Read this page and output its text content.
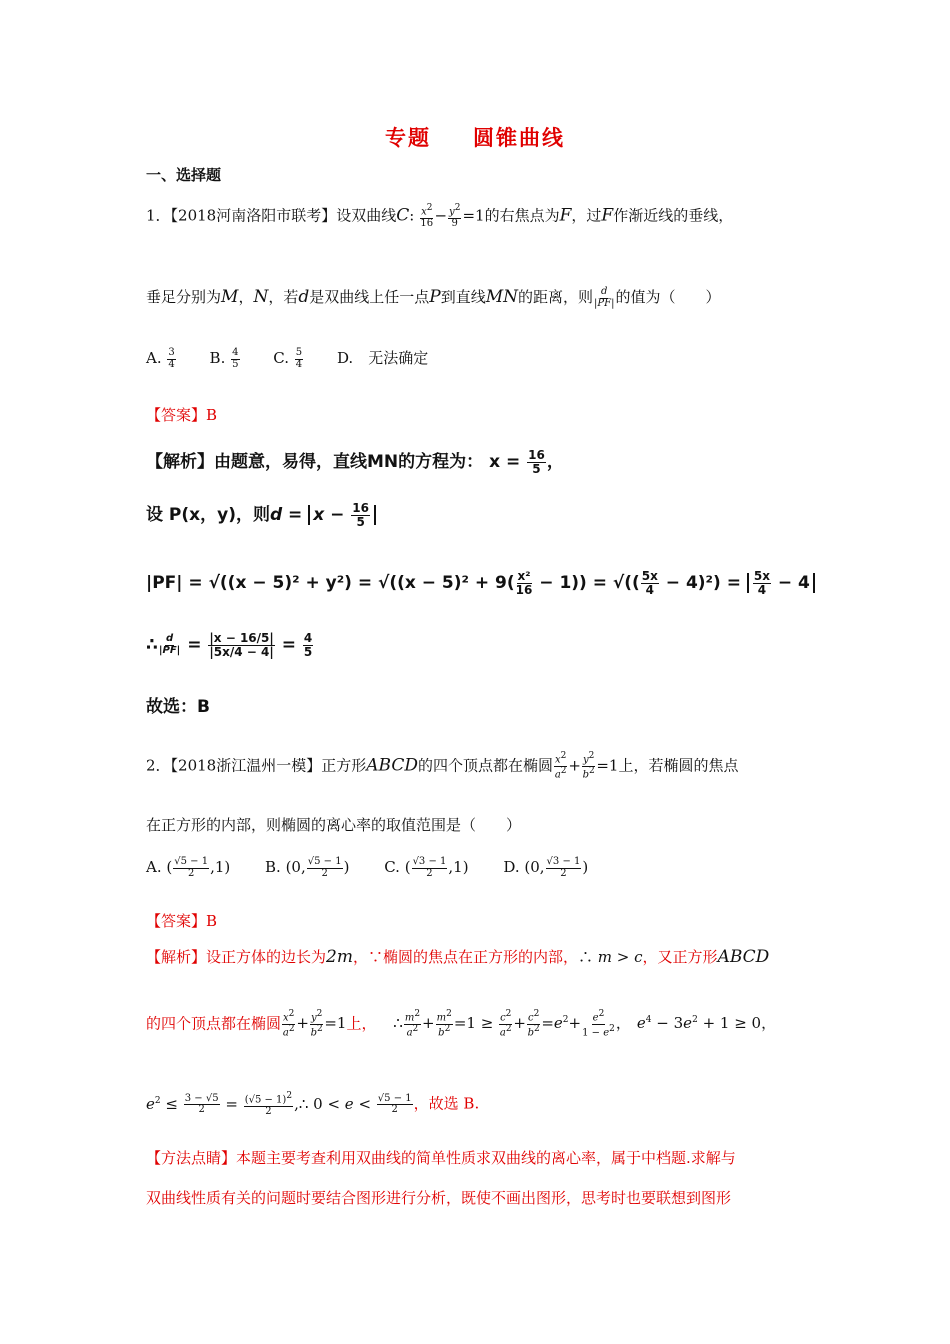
专题 圆锥曲线
一、选择题
1．【2018河南洛阳市联考】设双曲线C: $\frac{x2}{16} - \frac{y2}{9} =1$的右焦点为F，过F作渐近线的垂线，
垂足分别为M，N，若d是双曲线上任一点P到直线MN的距离，则 $\frac{d}{|PF|}$ 的值为（　　）
A. $\frac{3}{4} B$. $\frac{4}{5} C$. $\frac{5}{4} D$.　无法确定
【答案】B
【解析】由题意，易得，直线MN的方程为： $x = \frac{16}{5}$ ，
设 P(x，y)，则$d = x - \frac{16}{5}$
$|PF| = √((x - 5)^2 + y^2) = √((x - 5)^2 + 9( \frac{\text{x²}}{16} - 1))$ = √(( $\frac{5x}{4} - 4)^2) = \frac{5x}{4} - 4$
∴ $\frac{d}{|PF|} = \frac{|x - 16/5|}{|5x/4 - 4|} = \frac{4}{5}$
故选：B
2．【2018浙江温州一模】正方形ABCD的四个顶点都在椭圆 $\frac{x2}{a2} + \frac{y2}{b2} =1$上，若椭圆的焦点
在正方形的内部，则椭圆的离心率的取值范围是（　　）
A. ( $\frac{√5 - 1}{2} ,1$) B. (0, $\frac{√5 - 1}{2}$ ) C. ( $\frac{√3 - 1}{2} ,1$) D. (0, $\frac{√3 - 1}{2}$ )
【答案】B
【解析】设正方体的边长为2m，∵椭圆的焦点在正方形的内部，∴ m > c，又正方形ABCD
的四个顶点都在椭圆 $\frac{x2}{a2} + \frac{y2}{b2} =1$上， ∴ $\frac{m2}{a2} + \frac{m2}{b2} =1 \ge \frac{c2}{a2} + \frac{c2}{b2} =e^2+ \frac{e2}{1 - e2}$ ， $e^4 - 3e^2 + 1 \ge 0$，
$e^2 \le \frac{3 - √5}{2} = \frac{(√5 - 1)2}{2}$ ,∴ $0 < e < \frac{√5 - 1}{2}$ ，故选 B.
【方法点睛】本题主要考查利用双曲线的简单性质求双曲线的离心率，属于中档题.求解与
双曲线性质有关的问题时要结合图形进行分析，既使不画出图形，思考时也要联想到图形
